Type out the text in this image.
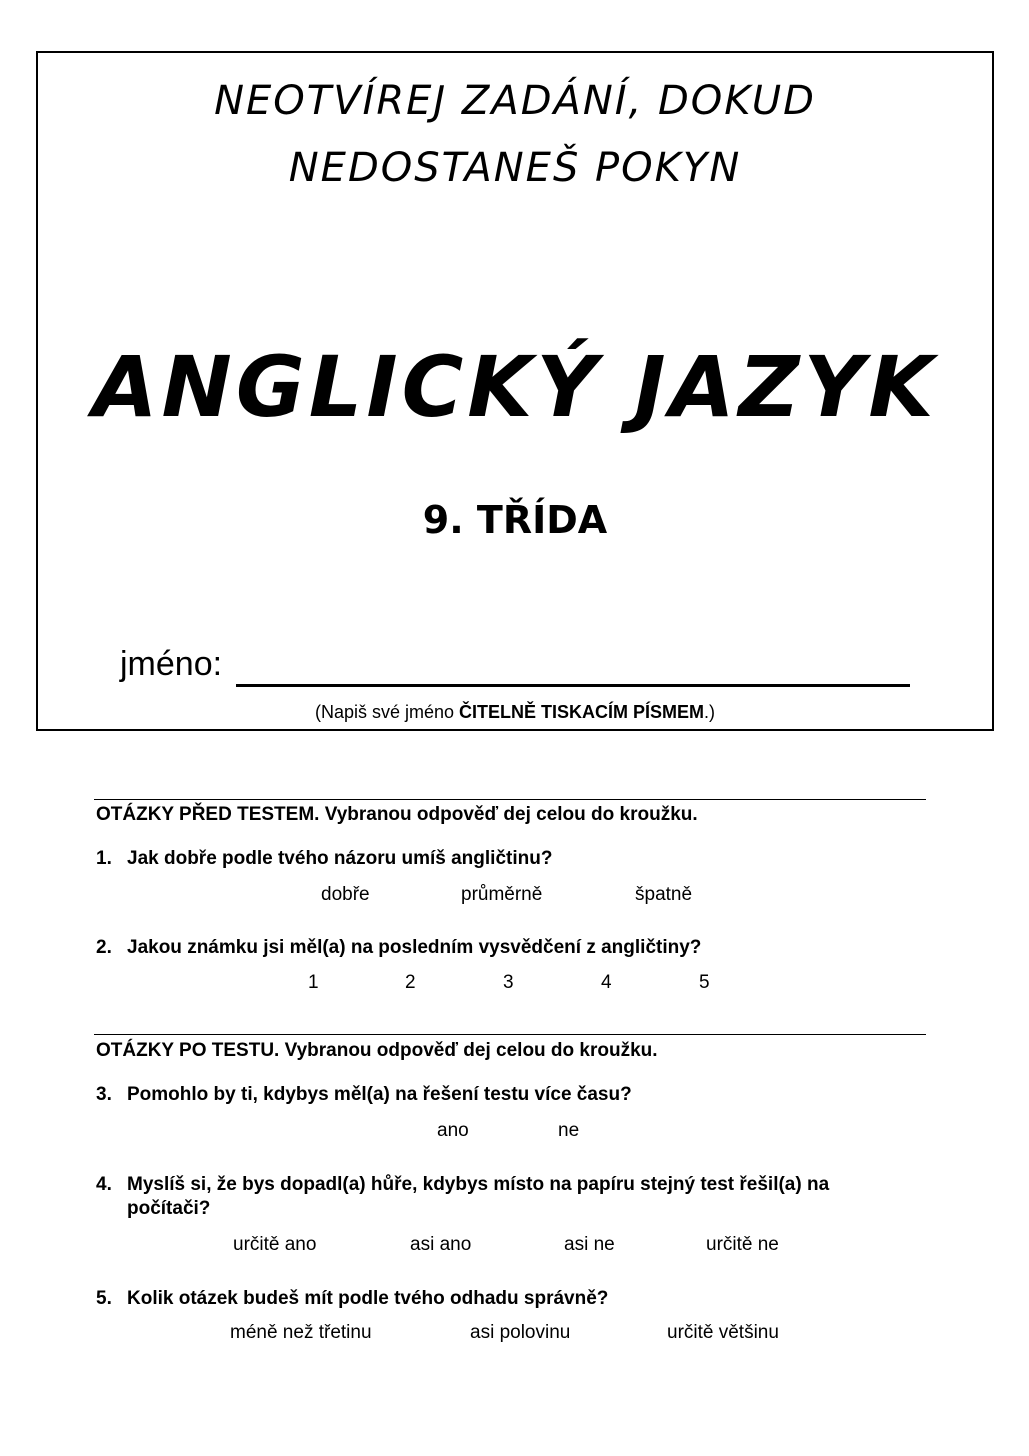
NEOTVÍREJ ZADÁNÍ, DOKUD
NEDOSTANEŠ POKYN
ANGLICKÝ JAZYK
9. TŘÍDA
jméno:
(Napiš své jméno ČITELNĚ TISKACÍM PÍSMEM.)
OTÁZKY PŘED TESTEM. Vybranou odpověď dej celou do kroužku.
1. Jak dobře podle tvého názoru umíš angličtinu?
dobře	průměrně	špatně
2. Jakou známku jsi měl(a) na posledním vysvědčení z angličtiny?
1	2	3	4	5
OTÁZKY PO TESTU. Vybranou odpověď dej celou do kroužku.
3. Pomohlo by ti, kdybys měl(a) na řešení testu více času?
ano	ne
4. Myslíš si, že bys dopadl(a) hůře, kdybys místo na papíru stejný test řešil(a) na počítači?
určitě ano	asi ano	asi ne	určitě ne
5. Kolik otázek budeš mít podle tvého odhadu správně?
méně než třetinu	asi polovinu	určitě většinu
